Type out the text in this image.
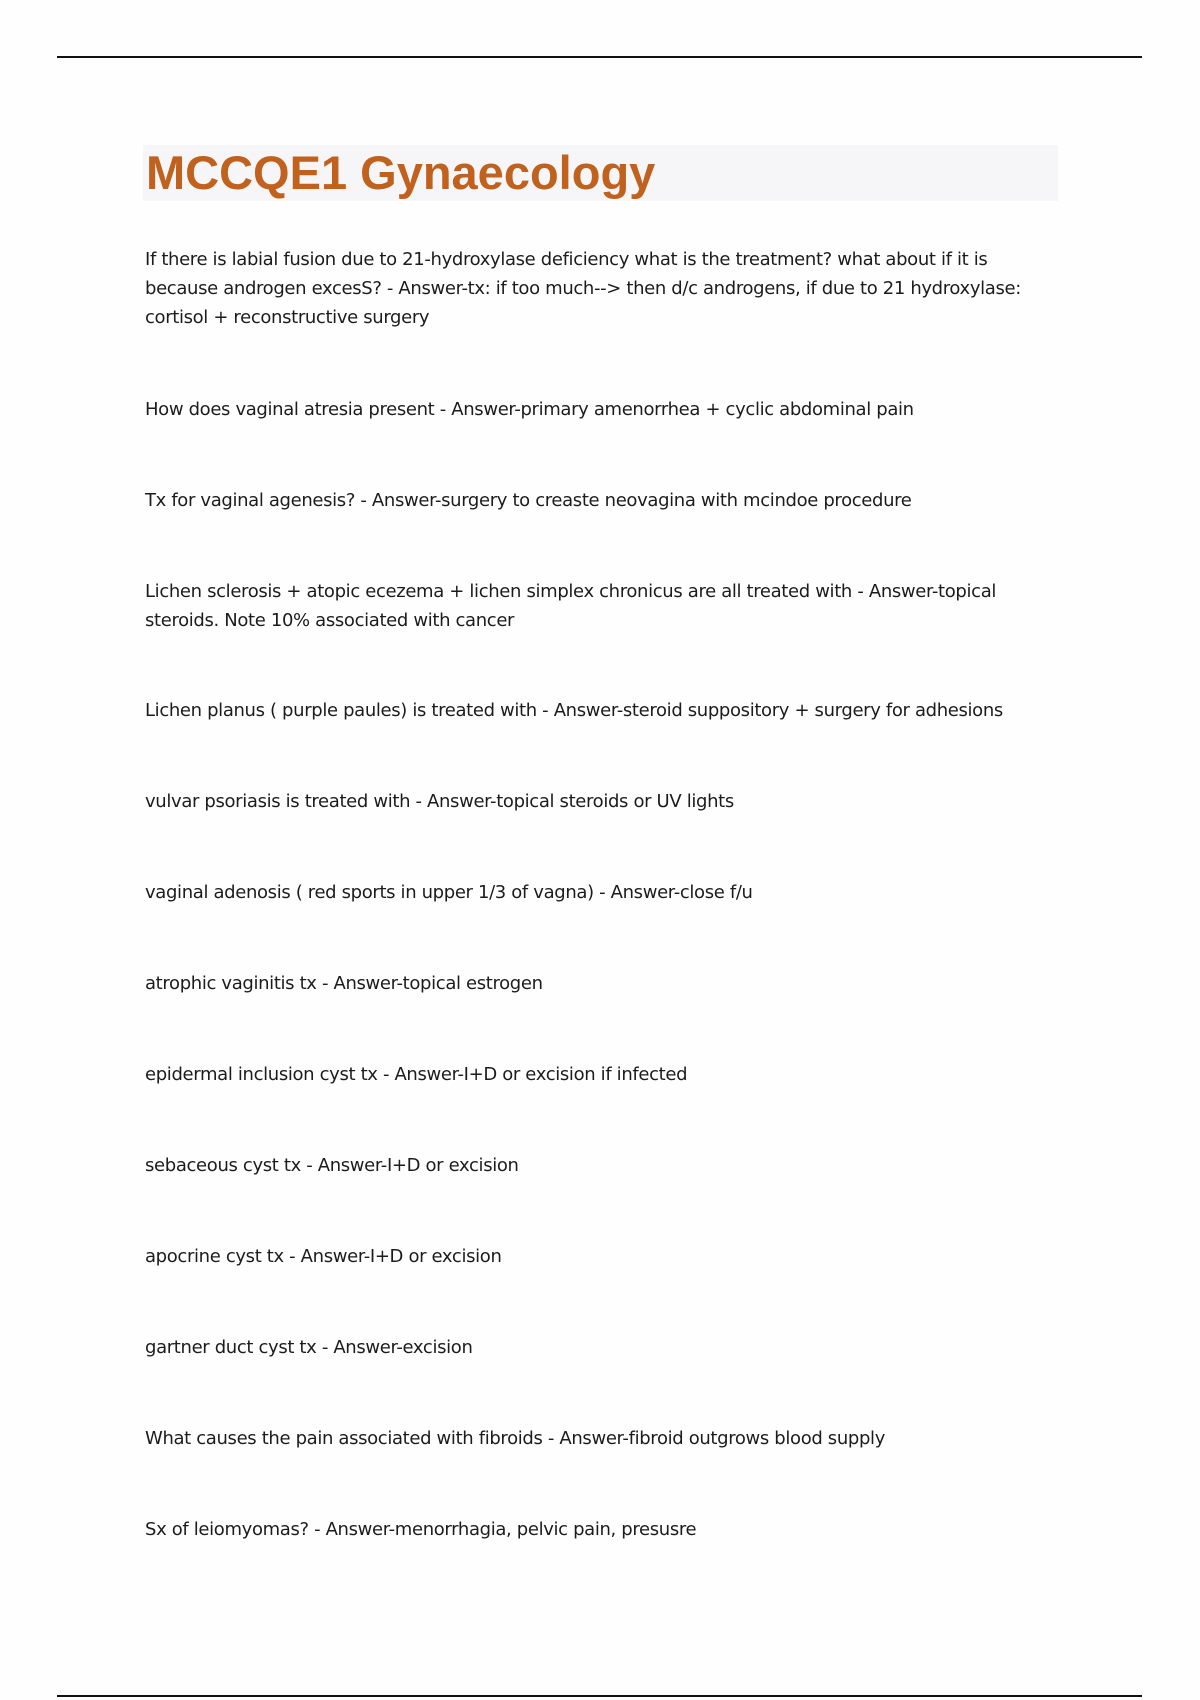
MCCQE1 Gynaecology

If there is labial fusion due to 21-hydroxylase deficiency what is the treatment? what about if it is because androgen excesS? - Answer-tx: if too much--> then d/c androgens, if due to 21 hydroxylase: cortisol + reconstructive surgery

How does vaginal atresia present - Answer-primary amenorrhea + cyclic abdominal pain

Tx for vaginal agenesis? - Answer-surgery to creaste neovagina with mcindoe procedure

Lichen sclerosis + atopic ecezema + lichen simplex chronicus are all treated with - Answer-topical steroids. Note 10% associated with cancer

Lichen planus ( purple paules) is treated with - Answer-steroid suppository + surgery for adhesions

vulvar psoriasis is treated with - Answer-topical steroids or UV lights

vaginal adenosis ( red sports in upper 1/3 of vagna) - Answer-close f/u

atrophic vaginitis tx - Answer-topical estrogen

epidermal inclusion cyst tx - Answer-I+D or excision if infected

sebaceous cyst tx - Answer-I+D or excision

apocrine cyst tx - Answer-I+D or excision

gartner duct cyst tx - Answer-excision

What causes the pain associated with fibroids - Answer-fibroid outgrows blood supply

Sx of leiomyomas? - Answer-menorrhagia, pelvic pain, presusre
